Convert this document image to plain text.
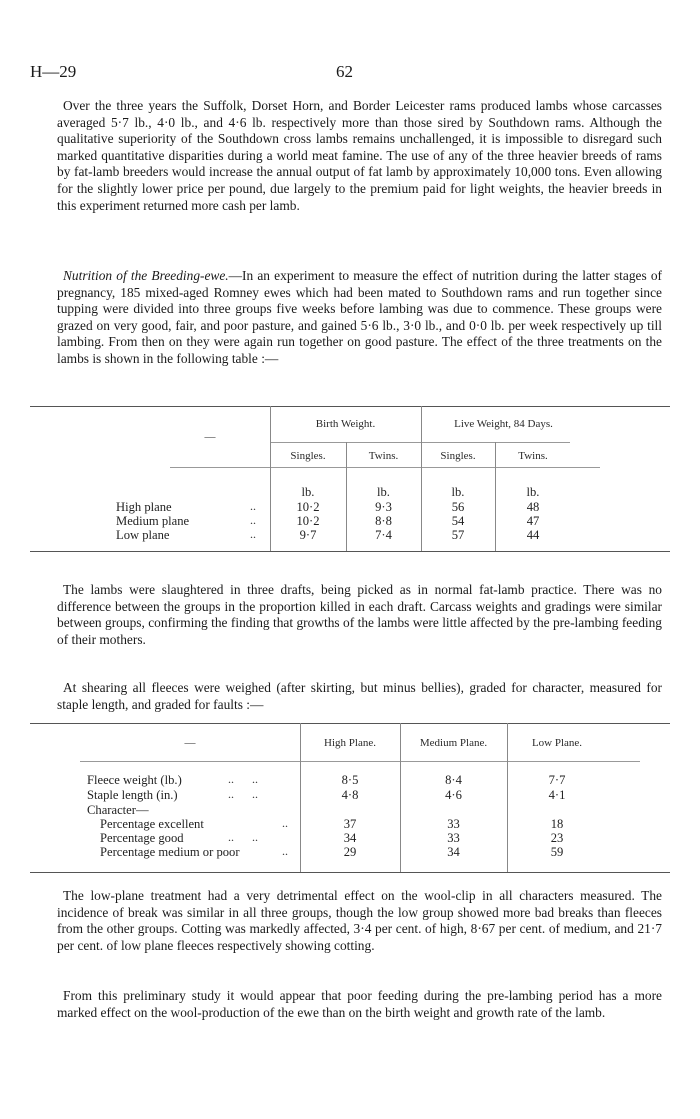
H—29	62

Over the three years the Suffolk, Dorset Horn, and Border Leicester rams produced lambs whose carcasses averaged 5·7 lb., 4·0 lb., and 4·6 lb. respectively more than those sired by Southdown rams. Although the qualitative superiority of the Southdown cross lambs remains unchallenged, it is impossible to disregard such marked quantitative disparities during a world meat famine. The use of any of the three heavier breeds of rams by fat-lamb breeders would increase the annual output of fat lamb by approximately 10,000 tons. Even allowing for the slightly lower price per pound, due largely to the premium paid for light weights, the heavier breeds in this experiment returned more cash per lamb.

Nutrition of the Breeding-ewe.—In an experiment to measure the effect of nutrition during the latter stages of pregnancy, 185 mixed-aged Romney ewes which had been mated to Southdown rams and run together since tupping were divided into three groups five weeks before lambing was due to commence. These groups were grazed on very good, fair, and poor pasture, and gained 5·6 lb., 3·0 lb., and 0·0 lb. per week respectively up till lambing. From then on they were again run together on good pasture. The effect of the three treatments on the lambs is shown in the following table :—

—
Birth Weight.	Live Weight, 84 Days.
Singles.	Twins.	Singles.	Twins.
lb.	lb.	lb.	lb.
High plane	..	10·2	9·3	56	48
Medium plane	..	10·2	8·8	54	47
Low plane	..	9·7	7·4	57	44

The lambs were slaughtered in three drafts, being picked as in normal fat-lamb practice. There was no difference between the groups in the proportion killed in each draft. Carcass weights and gradings were similar between groups, confirming the finding that growths of the lambs were little affected by the pre-lambing feeding of their mothers.

At shearing all fleeces were weighed (after skirting, but minus bellies), graded for character, measured for staple length, and graded for faults :—

—	High Plane.	Medium Plane.	Low Plane.
Fleece weight (lb.)	..      ..	8·5	8·4	7·7
Staple length (in.)	..      ..	4·8	4·6	4·1
Character—
Percentage excellent	..	37	33	18
Percentage good	..      ..	34	33	23
Percentage medium or poor	..	29	34	59

The low-plane treatment had a very detrimental effect on the wool-clip in all characters measured. The incidence of break was similar in all three groups, though the low group showed more bad breaks than fleeces from the other groups. Cotting was markedly affected, 3·4 per cent. of high, 8·67 per cent. of medium, and 21·7 per cent. of low plane fleeces respectively showing cotting.

From this preliminary study it would appear that poor feeding during the pre-lambing period has a more marked effect on the wool-production of the ewe than on the birth weight and growth rate of the lamb.
